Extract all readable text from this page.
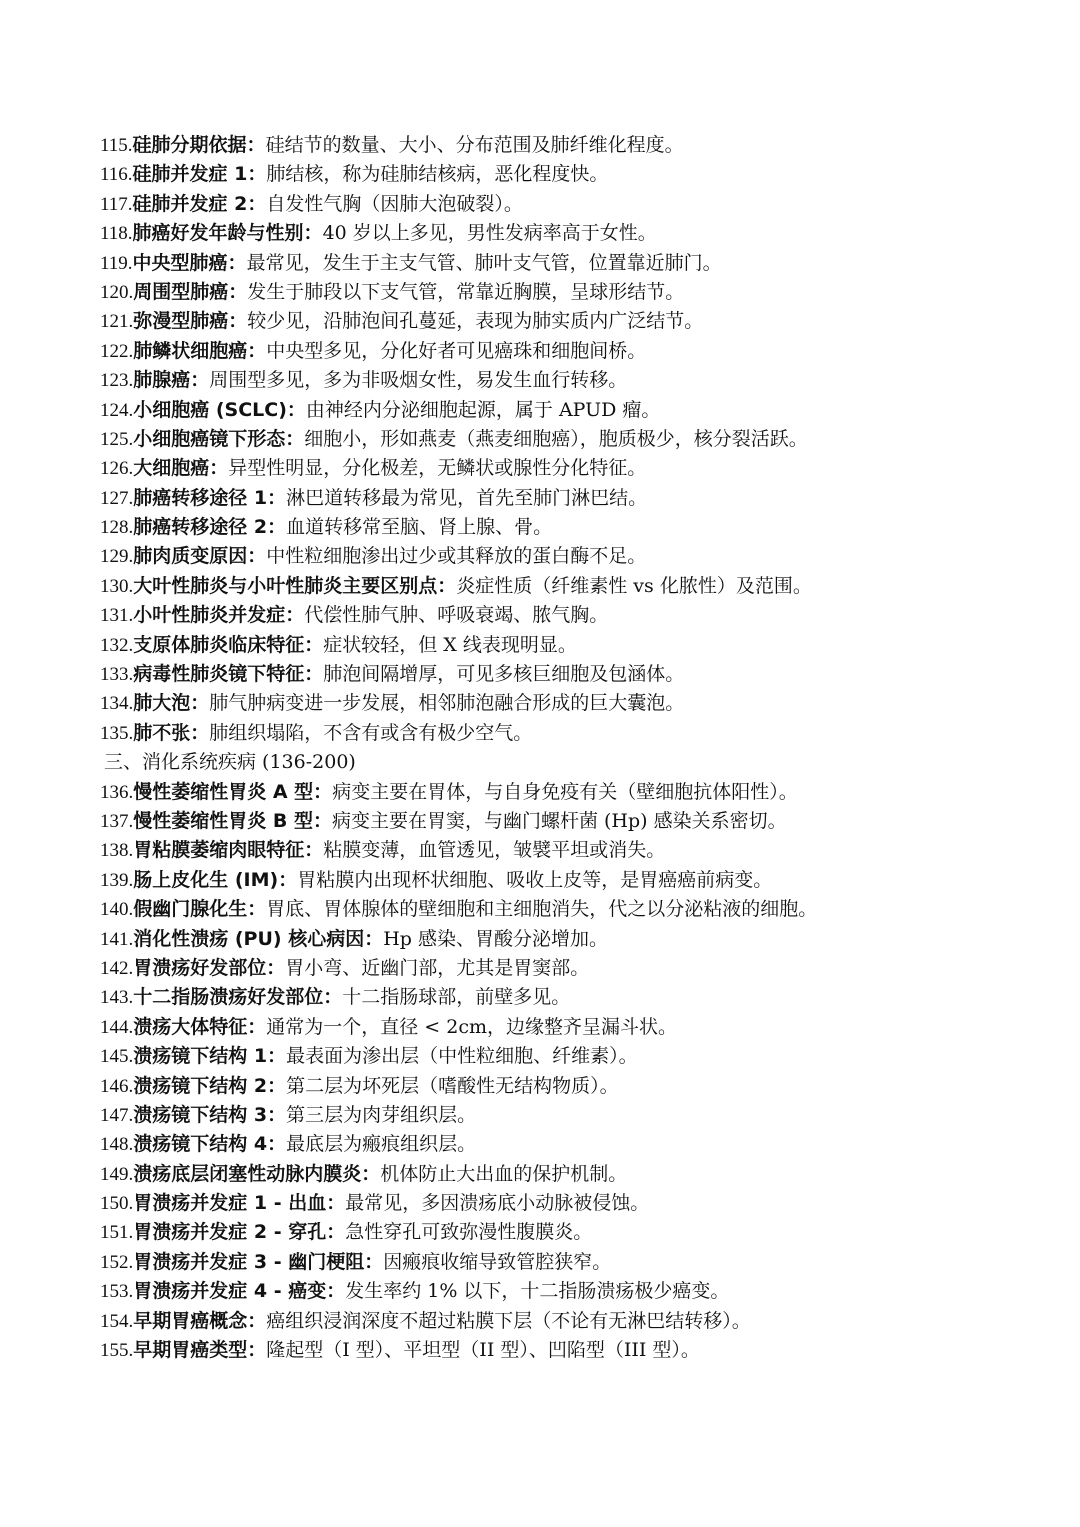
115.硅肺分期依据：硅结节的数量、大小、分布范围及肺纤维化程度。
116.硅肺并发症 1：肺结核，称为硅肺结核病，恶化程度快。
117.硅肺并发症 2：自发性气胸（因肺大泡破裂）。
118.肺癌好发年龄与性别：40 岁以上多见，男性发病率高于女性。
119.中央型肺癌：最常见，发生于主支气管、肺叶支气管，位置靠近肺门。
120.周围型肺癌：发生于肺段以下支气管，常靠近胸膜，呈球形结节。
121.弥漫型肺癌：较少见，沿肺泡间孔蔓延，表现为肺实质内广泛结节。
122.肺鳞状细胞癌：中央型多见，分化好者可见癌珠和细胞间桥。
123.肺腺癌：周围型多见，多为非吸烟女性，易发生血行转移。
124.小细胞癌 (SCLC)：由神经内分泌细胞起源，属于 APUD 瘤。
125.小细胞癌镜下形态：细胞小，形如燕麦（燕麦细胞癌），胞质极少，核分裂活跃。
126.大细胞癌：异型性明显，分化极差，无鳞状或腺性分化特征。
127.肺癌转移途径 1：淋巴道转移最为常见，首先至肺门淋巴结。
128.肺癌转移途径 2：血道转移常至脑、肾上腺、骨。
129.肺肉质变原因：中性粒细胞渗出过少或其释放的蛋白酶不足。
130.大叶性肺炎与小叶性肺炎主要区别点：炎症性质（纤维素性 vs 化脓性）及范围。
131.小叶性肺炎并发症：代偿性肺气肿、呼吸衰竭、脓气胸。
132.支原体肺炎临床特征：症状较轻，但 X 线表现明显。
133.病毒性肺炎镜下特征：肺泡间隔增厚，可见多核巨细胞及包涵体。
134.肺大泡：肺气肿病变进一步发展，相邻肺泡融合形成的巨大囊泡。
135.肺不张：肺组织塌陷，不含有或含有极少空气。
三、消化系统疾病 (136-200)
136.慢性萎缩性胃炎 A 型：病变主要在胃体，与自身免疫有关（壁细胞抗体阳性）。
137.慢性萎缩性胃炎 B 型：病变主要在胃窦，与幽门螺杆菌 (Hp) 感染关系密切。
138.胃粘膜萎缩肉眼特征：粘膜变薄，血管透见，皱襞平坦或消失。
139.肠上皮化生 (IM)：胃粘膜内出现杯状细胞、吸收上皮等，是胃癌癌前病变。
140.假幽门腺化生：胃底、胃体腺体的壁细胞和主细胞消失，代之以分泌粘液的细胞。
141.消化性溃疡 (PU) 核心病因：Hp 感染、胃酸分泌增加。
142.胃溃疡好发部位：胃小弯、近幽门部，尤其是胃窦部。
143.十二指肠溃疡好发部位：十二指肠球部，前壁多见。
144.溃疡大体特征：通常为一个，直径 < 2cm，边缘整齐呈漏斗状。
145.溃疡镜下结构 1：最表面为渗出层（中性粒细胞、纤维素）。
146.溃疡镜下结构 2：第二层为坏死层（嗜酸性无结构物质）。
147.溃疡镜下结构 3：第三层为肉芽组织层。
148.溃疡镜下结构 4：最底层为瘢痕组织层。
149.溃疡底层闭塞性动脉内膜炎：机体防止大出血的保护机制。
150.胃溃疡并发症 1 - 出血：最常见，多因溃疡底小动脉被侵蚀。
151.胃溃疡并发症 2 - 穿孔：急性穿孔可致弥漫性腹膜炎。
152.胃溃疡并发症 3 - 幽门梗阻：因瘢痕收缩导致管腔狭窄。
153.胃溃疡并发症 4 - 癌变：发生率约 1% 以下，十二指肠溃疡极少癌变。
154.早期胃癌概念：癌组织浸润深度不超过粘膜下层（不论有无淋巴结转移）。
155.早期胃癌类型：隆起型（I 型）、平坦型（II 型）、凹陷型（III 型）。
